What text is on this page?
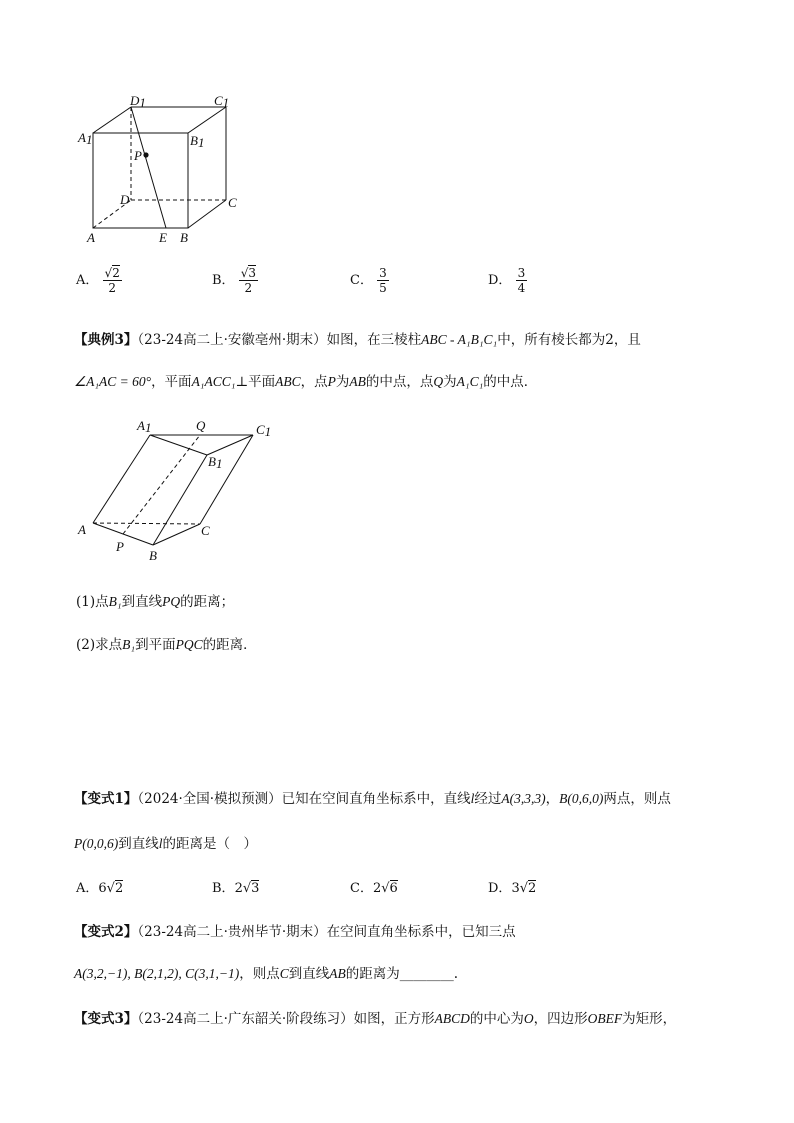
D1	C1
A1	B1
P
D	C
A	E B
A． $\frac{√2}{2}$	B． $\frac{√3}{2}$	C． $\frac{3}{5}$	D． $\frac{3}{4}$
【典例3】（23-24高二上·安徽亳州·期末）如图，在三棱柱ABC - A₁B₁C₁中，所有棱长都为2，且
∠A₁AC = 60°，平面A₁ACC₁⊥平面ABC，点P为AB的中点，点Q为A₁C₁的中点．
A1	Q	C1
B1
A
P
B
C
(1)点B₁到直线PQ的距离；
(2)求点B₁到平面PQC的距离．
【变式1】（2024·全国·模拟预测）已知在空间直角坐标系中，直线l经过A(3,3,3)，B(0,6,0)两点，则点
P(0,0,6)到直线l的距离是（　）
A．6√2	B．2√3	C．2√6	D．3√2
【变式2】（23-24高二上·贵州毕节·期末）在空间直角坐标系中，已知三点
A(3,2,−1), B(2,1,2), C(3,1,−1)，则点C到直线AB的距离为________.
【变式3】（23-24高二上·广东韶关·阶段练习）如图，正方形ABCD的中心为O，四边形OBEF为矩形，
